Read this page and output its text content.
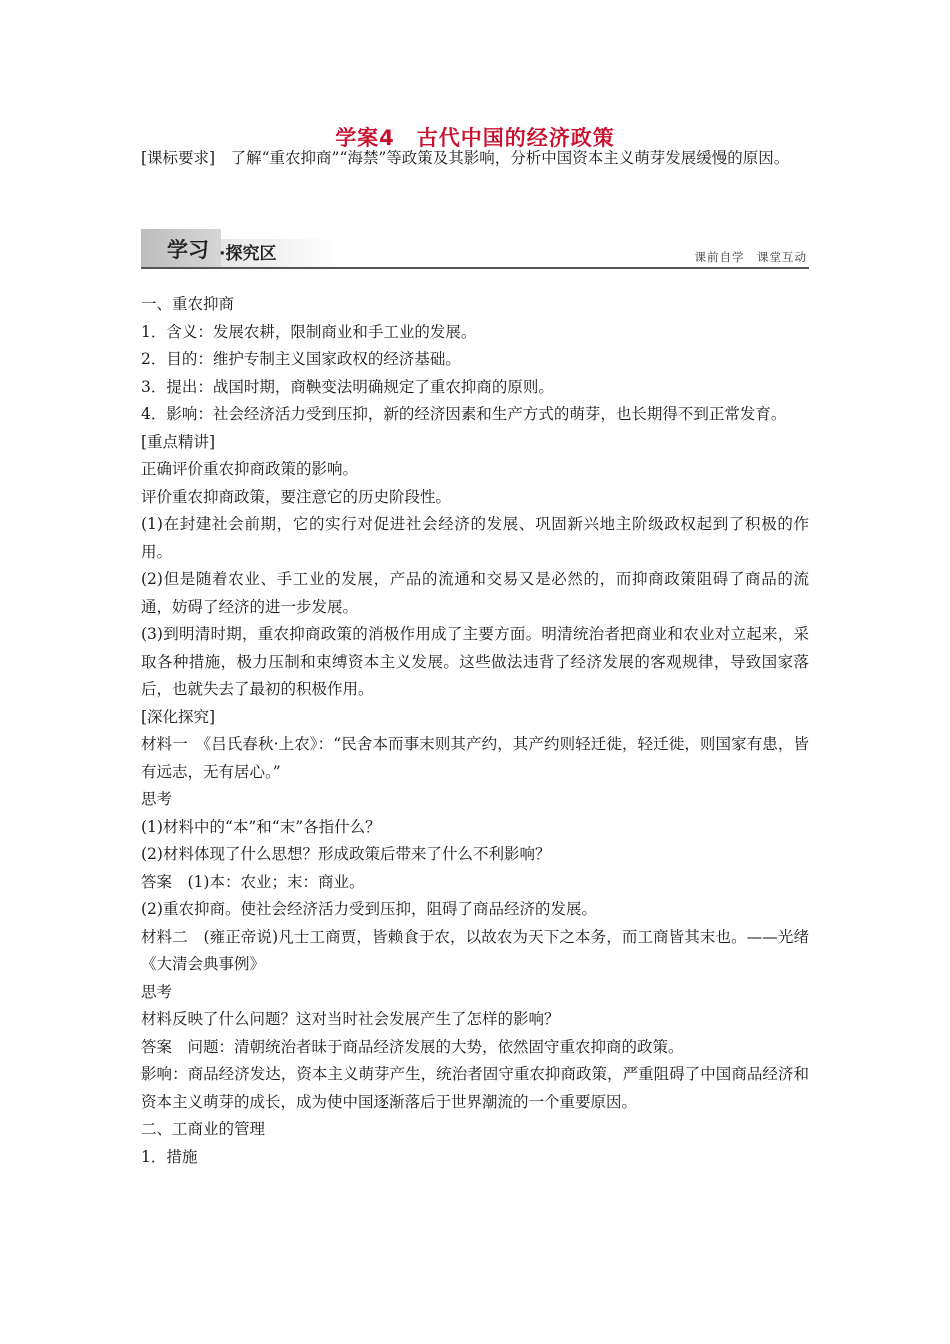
学案4　古代中国的经济政策

[课标要求]　了解“重农抑商”“海禁”等政策及其影响，分析中国资本主义萌芽发展缓慢的原因。

学习 ·探究区	课前自学　课堂互动

一、重农抑商

1．含义：发展农耕，限制商业和手工业的发展。

2．目的：维护专制主义国家政权的经济基础。

3．提出：战国时期，商鞅变法明确规定了重农抑商的原则。

4．影响：社会经济活力受到压抑，新的经济因素和生产方式的萌芽，也长期得不到正常发育。

[重点精讲]

正确评价重农抑商政策的影响。

评价重农抑商政策，要注意它的历史阶段性。

(1)在封建社会前期，它的实行对促进社会经济的发展、巩固新兴地主阶级政权起到了积极的作用。

(2)但是随着农业、手工业的发展，产品的流通和交易又是必然的，而抑商政策阻碍了商品的流通，妨碍了经济的进一步发展。

(3)到明清时期，重农抑商政策的消极作用成了主要方面。明清统治者把商业和农业对立起来，采取各种措施，极力压制和束缚资本主义发展。这些做法违背了经济发展的客观规律，导致国家落后，也就失去了最初的积极作用。

[深化探究]

材料一　《吕氏春秋·上农》：“民舍本而事末则其产约，其产约则轻迁徙，轻迁徙，则国家有患，皆有远志，无有居心。”

思考

(1)材料中的“本”和“末”各指什么？

(2)材料体现了什么思想？形成政策后带来了什么不利影响？

答案　(1)本：农业；末：商业。

(2)重农抑商。使社会经济活力受到压抑，阻碍了商品经济的发展。

材料二　(雍正帝说)凡士工商贾，皆赖食于农，以故农为天下之本务，而工商皆其末也。——光绪《大清会典事例》

思考

材料反映了什么问题？这对当时社会发展产生了怎样的影响？

答案　问题：清朝统治者昧于商品经济发展的大势，依然固守重农抑商的政策。

影响：商品经济发达，资本主义萌芽产生，统治者固守重农抑商政策，严重阻碍了中国商品经济和资本主义萌芽的成长，成为使中国逐渐落后于世界潮流的一个重要原因。

二、工商业的管理

1．措施
